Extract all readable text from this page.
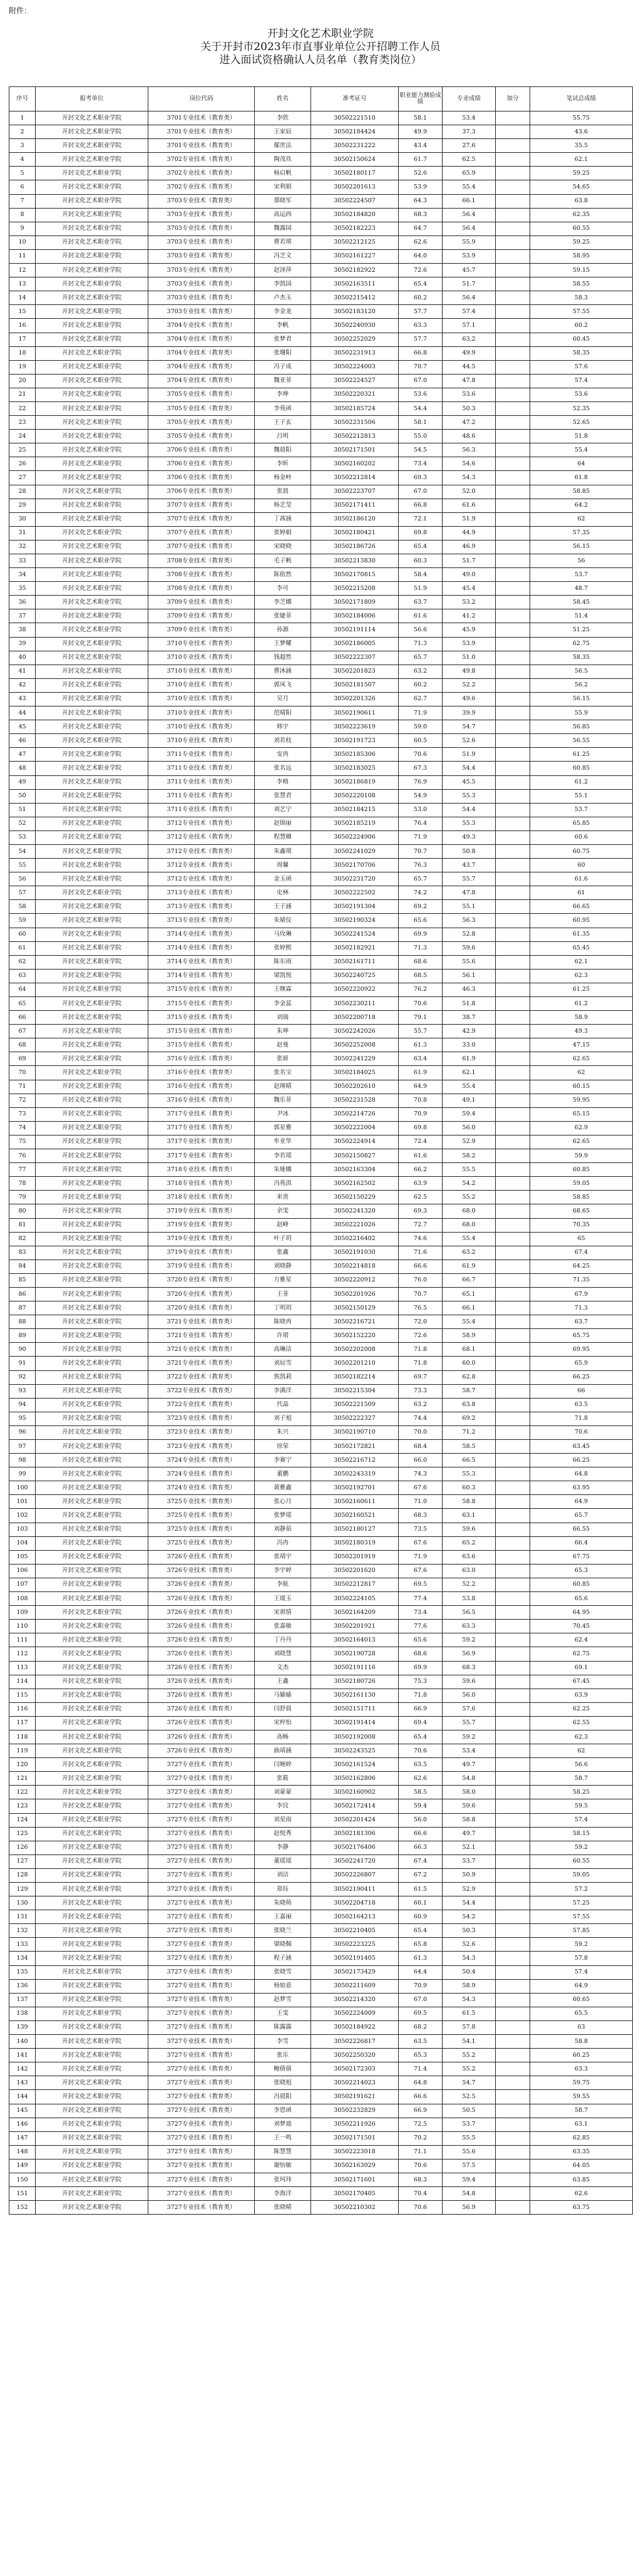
附件：
开封文化艺术职业学院
关于开封市2023年市直事业单位公开招聘工作人员
进入面试资格确认人员名单（教育类岗位）
序号	报考单位	岗位代码	姓名	准考证号	职业能力测验成绩	专业成绩	加分	笔试总成绩
1	开封文化艺术职业学院	3701专业技术（教育类）	李欣	30502221510	58.1	53.4		55.75
2	开封文化艺术职业学院	3701专业技术（教育类）	王家辰	30502184424	49.9	37.3		43.6
3	开封文化艺术职业学院	3701专业技术（教育类）	鄢世法	30502231222	43.4	27.6		35.5
4	开封文化艺术职业学院	3702专业技术（教育类）	陶茂玖	30502150624	61.7	62.5		62.1
5	开封文化艺术职业学院	3702专业技术（教育类）	杨启帆	30502180117	52.6	65.9		59.25
6	开封文化艺术职业学院	3702专业技术（教育类）	宋利娟	30502201613	53.9	55.4		54.65
7	开封文化艺术职业学院	3703专业技术（教育类）	慕晓军	30502224507	64.3	66.1		63.8
8	开封文化艺术职业学院	3703专业技术（教育类）	高运西	30502184820	68.3	56.4		62.35
9	开封文化艺术职业学院	3703专业技术（教育类）	魏露园	30502182223	64.7	56.4		60.55
10	开封文化艺术职业学院	3703专业技术（教育类）	曹若琪	30502212125	62.6	55.9		59.25
11	开封文化艺术职业学院	3703专业技术（教育类）	冯芝文	30502161227	64.0	53.9		58.95
12	开封文化艺术职业学院	3703专业技术（教育类）	赵泽萍	30502182922	72.6	45.7		59.15
13	开封文化艺术职业学院	3703专业技术（教育类）	李凯园	30502163511	65.4	51.7		58.55
14	开封文化艺术职业学院	3703专业技术（教育类）	卢杰玉	30502215412	60.2	56.4		58.3
15	开封文化艺术职业学院	3703专业技术（教育类）	李金龙	30502183120	57.7	57.4		57.55
16	开封文化艺术职业学院	3704专业技术（教育类）	李帆	30502240930	63.3	57.1		60.2
17	开封文化艺术职业学院	3704专业技术（教育类）	张梦君	30502252029	57.7	63.2		60.45
18	开封文化艺术职业学院	3704专业技术（教育类）	张珊阳	30502231913	66.8	49.9		58.35
19	开封文化艺术职业学院	3704专业技术（教育类）	冯子成	30502224003	70.7	44.5		57.6
20	开封文化艺术职业学院	3704专业技术（教育类）	魏亚菲	30502224527	67.0	47.8		57.4
21	开封文化艺术职业学院	3705专业技术（教育类）	李坤	30502220321	53.6	53.6		53.6
22	开封文化艺术职业学院	3705专业技术（教育类）	李苑函	30502185724	54.4	50.3		52.35
23	开封文化艺术职业学院	3705专业技术（教育类）	王子玄	30502231506	58.1	47.2		52.65
24	开封文化艺术职业学院	3705专业技术（教育类）	吕明	30502212813	55.0	48.6		51.8
25	开封文化艺术职业学院	3706专业技术（教育类）	魏晨阳	30502171501	54.5	56.3		55.4
26	开封文化艺术职业学院	3706专业技术（教育类）	李昕	30502160202	73.4	54.6		64
27	开封文化艺术职业学院	3706专业技术（教育类）	杨金岭	30502212814	69.3	54.3		61.8
28	开封文化艺术职业学院	3706专业技术（教育类）	张晨	30502223707	67.0	52.0		58.85
29	开封文化艺术职业学院	3707专业技术（教育类）	杨艺莹	30502171411	66.8	61.6		64.2
30	开封文化艺术职业学院	3707专业技术（教育类）	丁茜涵	30502186120	72.1	51.9		62
31	开封文化艺术职业学院	3707专业技术（教育类）	张婷娟	30502180421	69.8	44.9		57.35
32	开封文化艺术职业学院	3707专业技术（教育类）	宋晓晓	30502186726	65.4	46.9		56.15
33	开封文化艺术职业学院	3708专业技术（教育类）	毛子帆	30502213830	60.3	51.7		56
34	开封文化艺术职业学院	3708专业技术（教育类）	陈依然	30502170815	58.4	49.0		53.7
35	开封文化艺术职业学院	3708专业技术（教育类）	李可	30502215208	51.9	45.4		48.7
36	开封文化艺术职业学院	3709专业技术（教育类）	李芝娜	30502171809	63.7	53.2		58.45
37	开封文化艺术职业学院	3709专业技术（教育类）	张婕菲	30502184006	61.6	41.2		51.4
38	开封文化艺术职业学院	3709专业技术（教育类）	孙源	30502191114	56.6	45.9		51.25
39	开封文化艺术职业学院	3710专业技术（教育类）	王梦耀	30502186005	71.3	53.9		62.75
40	开封文化艺术职业学院	3710专业技术（教育类）	钱超然	30502222307	65.7	51.0		58.35
41	开封文化艺术职业学院	3710专业技术（教育类）	曹沐涵	30502201823	63.2	49.8		56.5
42	开封文化艺术职业学院	3710专业技术（教育类）	郭凤飞	30502181507	60.2	52.2		56.2
43	开封文化艺术职业学院	3710专业技术（教育类）	吴月	30502201326	62.7	49.6		56.15
44	开封文化艺术职业学院	3710专业技术（教育类）	范晴阳	30502190611	71.9	39.9		55.9
45	开封文化艺术职业学院	3710专业技术（教育类）	韩宇	30502223619	59.0	54.7		56.85
46	开封文化艺术职业学院	3710专业技术（教育类）	刘若枝	30502191723	60.5	52.6		56.55
47	开封文化艺术职业学院	3711专业技术（教育类）	安冉	30502185306	70.6	51.9		61.25
48	开封文化艺术职业学院	3711专业技术（教育类）	张名远	30502183025	67.3	54.4		60.85
49	开封文化艺术职业学院	3711专业技术（教育类）	李格	30502186819	76.9	45.5		61.2
50	开封文化艺术职业学院	3711专业技术（教育类）	张慧君	30502220108	54.9	55.3		55.1
51	开封文化艺术职业学院	3711专业技术（教育类）	刘艺宁	30502184215	53.0	54.4		53.7
52	开封文化艺术职业学院	3712专业技术（教育类）	赵锦丽	30502185219	76.4	55.3		65.85
53	开封文化艺术职业学院	3712专业技术（教育类）	程慧卿	30502224906	71.9	49.3		60.6
54	开封文化艺术职业学院	3712专业技术（教育类）	朱鑫琪	30502241029	70.7	50.8		60.75
55	开封文化艺术职业学院	3712专业技术（教育类）	周馨	30502170706	76.3	43.7		60
56	开封文化艺术职业学院	3712专业技术（教育类）	金玉函	30502231720	65.7	55.7		61.6
57	开封文化艺术职业学院	3713专业技术（教育类）	史林	30502222502	74.2	47.8		61
58	开封文化艺术职业学院	3713专业技术（教育类）	王子涵	30502191304	69.2	55.1		66.65
59	开封文化艺术职业学院	3713专业技术（教育类）	朱婧仪	30502190324	65.6	56.3		60.95
60	开封文化艺术职业学院	3714专业技术（教育类）	马玫琳	30502241524	69.9	52.8		61.35
61	开封文化艺术职业学院	3714专业技术（教育类）	张婷熙	30502182921	71.3	59.6		65.45
62	开封文化艺术职业学院	3714专业技术（教育类）	陈东雨	30502161711	68.6	55.6		62.1
63	开封文化艺术职业学院	3714专业技术（教育类）	梁凯悦	30502240725	68.5	56.1		62.3
64	开封文化艺术职业学院	3715专业技术（教育类）	王继霖	30502220922	76.2	46.3		61.25
65	开封文化艺术职业学院	3715专业技术（教育类）	李金蕊	30502230211	70.6	51.8		61.2
66	开封文化艺术职业学院	3715专业技术（教育类）	刘瑞	30502200718	79.1	38.7		58.9
67	开封文化艺术职业学院	3715专业技术（教育类）	朱坤	30502242026	55.7	42.9		49.3
68	开封文化艺术职业学院	3715专业技术（教育类）	赵曼	30502252008	61.3	33.0		47.15
69	开封文化艺术职业学院	3716专业技术（教育类）	张妍	30502241229	63.4	61.9		62.65
70	开封文化艺术职业学院	3716专业技术（教育类）	张名宝	30502184025	61.9	62.1		62
71	开封文化艺术职业学院	3716专业技术（教育类）	赵瑛晴	30502202610	64.9	55.4		60.15
72	开封文化艺术职业学院	3716专业技术（教育类）	魏乐菲	30502231528	70.8	49.1		59.95
73	开封文化艺术职业学院	3717专业技术（教育类）	尹冰	30502214726	70.9	59.4		65.15
74	开封文化艺术职业学院	3717专业技术（教育类）	郭星雅	30502222004	69.8	56.0		62.9
75	开封文化艺术职业学院	3717专业技术（教育类）	牟亚华	30502224914	72.4	52.9		62.65
76	开封文化艺术职业学院	3717专业技术（教育类）	李若瑶	30502150827	61.6	58.2		59.9
77	开封文化艺术职业学院	3718专业技术（教育类）	朱娅娜	30502163304	66.2	55.5		60.85
78	开封文化艺术职业学院	3718专业技术（教育类）	冯苑淇	30502162502	63.9	54.2		59.05
79	开封文化艺术职业学院	3718专业技术（教育类）	米贵	30502150229	62.5	55.2		58.85
80	开封文化艺术职业学院	3719专业技术（教育类）	余雯	30502241320	69.3	68.0		68.65
81	开封文化艺术职业学院	3719专业技术（教育类）	赵峰	30502221026	72.7	68.0		70.35
82	开封文化艺术职业学院	3719专业技术（教育类）	叶子玥	30502216402	74.6	55.4		65
83	开封文化艺术职业学院	3719专业技术（教育类）	张鑫	30502191030	71.6	63.2		67.4
84	开封文化艺术职业学院	3719专业技术（教育类）	刘晓静	30502214818	66.6	61.9		64.25
85	开封文化艺术职业学院	3720专业技术（教育类）	方雅星	30502220912	76.0	66.7		71.35
86	开封文化艺术职业学院	3720专业技术（教育类）	王菲	30502201926	70.7	65.1		67.9
87	开封文化艺术职业学院	3720专业技术（教育类）	丁明玥	30502150129	76.5	66.1		71.3
88	开封文化艺术职业学院	3721专业技术（教育类）	陈晓冉	30502216721	72.0	55.4		63.7
89	开封文化艺术职业学院	3721专业技术（教育类）	许珺	30502152220	72.6	58.9		65.75
90	开封文化艺术职业学院	3721专业技术（教育类）	高琳洁	30502202008	71.8	68.1		69.95
91	开封文化艺术职业学院	3721专业技术（教育类）	刘辰雪	30502201210	71.8	60.0		65.9
92	开封文化艺术职业学院	3722专业技术（教育类）	焦凯莉	30502182214	69.7	62.8		66.25
93	开封文化艺术职业学院	3722专业技术（教育类）	李满洋	30502215304	73.3	58.7		66
94	开封文化艺术职业学院	3722专业技术（教育类）	代晶	30502221509	63.2	63.8		63.5
95	开封文化艺术职业学院	3723专业技术（教育类）	刘子旭	30502222327	74.4	69.2		71.8
96	开封文化艺术职业学院	3723专业技术（教育类）	朱兴	30502190710	70.0	71.2		70.6
97	开封文化艺术职业学院	3723专业技术（教育类）	徐荣	30502172821	68.4	58.5		63.45
98	开封文化艺术职业学院	3724专业技术（教育类）	李赛宁	30502216712	66.0	66.5		66.25
99	开封文化艺术职业学院	3724专业技术（教育类）	董鹏	30502243319	74.3	55.3		64.8
100	开封文化艺术职业学院	3724专业技术（教育类）	黄雅鑫	30502192701	67.6	60.3		63.95
101	开封文化艺术职业学院	3725专业技术（教育类）	张心月	30502160611	71.0	58.8		64.9
102	开封文化艺术职业学院	3725专业技术（教育类）	张梦瑶	30502160521	68.3	63.1		65.7
103	开封文化艺术职业学院	3725专业技术（教育类）	刘静茹	30502180127	73.5	59.6		66.55
104	开封文化艺术职业学院	3725专业技术（教育类）	冯冉	30502180319	67.6	65.2		66.4
105	开封文化艺术职业学院	3726专业技术（教育类）	张靖宇	30502201919	71.9	63.6		67.75
106	开封文化艺术职业学院	3726专业技术（教育类）	李宇婷	30502201620	67.6	63.0		65.3
107	开封文化艺术职业学院	3726专业技术（教育类）	李航	30502212817	69.5	52.2		60.85
108	开封文化艺术职业学院	3726专业技术（教育类）	王瑷玉	30502224105	77.4	53.8		65.6
109	开封文化艺术职业学院	3726专业技术（教育类）	宋祺情	30502164209	73.4	56.5		64.95
110	开封文化艺术职业学院	3726专业技术（教育类）	张嘉敏	30502201921	77.6	63.3		70.45
111	开封文化艺术职业学院	3726专业技术（教育类）	丁丹丹	30502164013	65.6	59.2		62.4
112	开封文化艺术职业学院	3726专业技术（教育类）	刘晓慧	30502190728	68.6	56.9		62.75
113	开封文化艺术职业学院	3726专业技术（教育类）	文杰	30502191116	69.9	68.3		69.1
114	开封文化艺术职业学院	3726专业技术（教育类）	王鑫	30502180726	75.3	59.6		67.45
115	开封文化艺术职业学院	3726专业技术（教育类）	马嫱嫱	30502161130	71.8	56.0		63.9
116	开封文化艺术职业学院	3726专业技术（教育类）	闫舒晨	30502151711	66.9	57.6		62.25
117	开封文化艺术职业学院	3726专业技术（教育类）	宋梓怡	30502191414	69.4	55.7		62.55
118	开封文化艺术职业学院	3726专业技术（教育类）	高畅	30502192008	65.4	59.2		62.3
119	开封文化艺术职业学院	3726专业技术（教育类）	曲靖涵	30502243525	70.6	53.4		62
120	开封文化艺术职业学院	3727专业技术（教育类）	闫婉婷	30502161524	63.5	49.7		56.6
121	开封文化艺术职业学院	3727专业技术（教育类）	张筱	30502162806	62.6	54.8		58.7
122	开封文化艺术职业学院	3727专业技术（教育类）	刘蒙蒙	30502160902	58.5	58.0		58.25
123	开封文化艺术职业学院	3727专业技术（教育类）	李玟	30502172414	59.4	59.6		59.5
124	开封文化艺术职业学院	3727专业技术（教育类）	刘星雨	30502201424	56.0	58.8		57.4
125	开封文化艺术职业学院	3727专业技术（教育类）	赵悦秀	30502181306	66.6	49.7		58.15
126	开封文化艺术职业学院	3727专业技术（教育类）	李静	30502176406	66.3	52.1		59.2
127	开封文化艺术职业学院	3727专业技术（教育类）	董瑶瑶	30502241720	67.4	53.7		60.55
128	开封文化艺术职业学院	3727专业技术（教育类）	刘洁	30502226807	67.2	50.9		59.05
129	开封文化艺术职业学院	3727专业技术（教育类）	郑钰	30502190411	61.5	52.9		57.2
130	开封文化艺术职业学院	3727专业技术（教育类）	朱晓萌	30502204718	60.1	54.4		57.25
131	开封文化艺术职业学院	3727专业技术（教育类）	王嘉丽	30502164213	60.9	54.2		57.55
132	开封文化艺术职业学院	3727专业技术（教育类）	张晓兰	30502210405	65.4	50.3		57.85
133	开封文化艺术职业学院	3727专业技术（教育类）	梁晓佩	30502223225	65.8	52.6		59.2
134	开封文化艺术职业学院	3727专业技术（教育类）	程子涵	30502191405	61.3	54.3		57.8
135	开封文化艺术职业学院	3727专业技术（教育类）	张晓雪	30502173429	64.4	50.4		57.4
136	开封文化艺术职业学院	3727专业技术（教育类）	杨如意	30502211609	70.9	58.9		64.9
137	开封文化艺术职业学院	3727专业技术（教育类）	赵梦雪	30502214320	67.0	54.3		60.65
138	开封文化艺术职业学院	3727专业技术（教育类）	王雯	30502224009	69.5	61.5		65.5
139	开封文化艺术职业学院	3727专业技术（教育类）	陈露露	30502184922	68.2	57.8		63
140	开封文化艺术职业学院	3727专业技术（教育类）	李雪	30502226817	63.5	54.1		58.8
141	开封文化艺术职业学院	3727专业技术（教育类）	张乐	30502250320	65.3	55.2		60.25
142	开封文化艺术职业学院	3727专业技术（教育类）	鲍倩倩	30502172303	71.4	55.2		63.3
143	开封文化艺术职业学院	3727专业技术（教育类）	张晓旭	30502214023	64.8	54.7		59.75
144	开封文化艺术职业学院	3727专业技术（教育类）	冯晨阳	30502191621	66.6	52.5		59.55
145	开封文化艺术职业学院	3727专业技术（教育类）	李恩函	30502232829	66.9	50.5		58.7
146	开封文化艺术职业学院	3727专业技术（教育类）	刘梦迪	30502211926	72.5	53.7		63.1
147	开封文化艺术职业学院	3727专业技术（教育类）	王一鸣	30502171501	70.2	55.5		62.85
148	开封文化艺术职业学院	3727专业技术（教育类）	陈慧慧	30502223018	71.1	55.6		63.35
149	开封文化艺术职业学院	3727专业技术（教育类）	谢怡敏	30502163029	70.6	57.5		64.05
150	开封文化艺术职业学院	3727专业技术（教育类）	张珂玮	30502171601	68.3	59.4		63.85
151	开封文化艺术职业学院	3727专业技术（教育类）	李海洋	30502170405	70.4	54.8		62.6
152	开封文化艺术职业学院	3727专业技术（教育类）	张晓晴	30502210302	70.6	56.9		63.75
